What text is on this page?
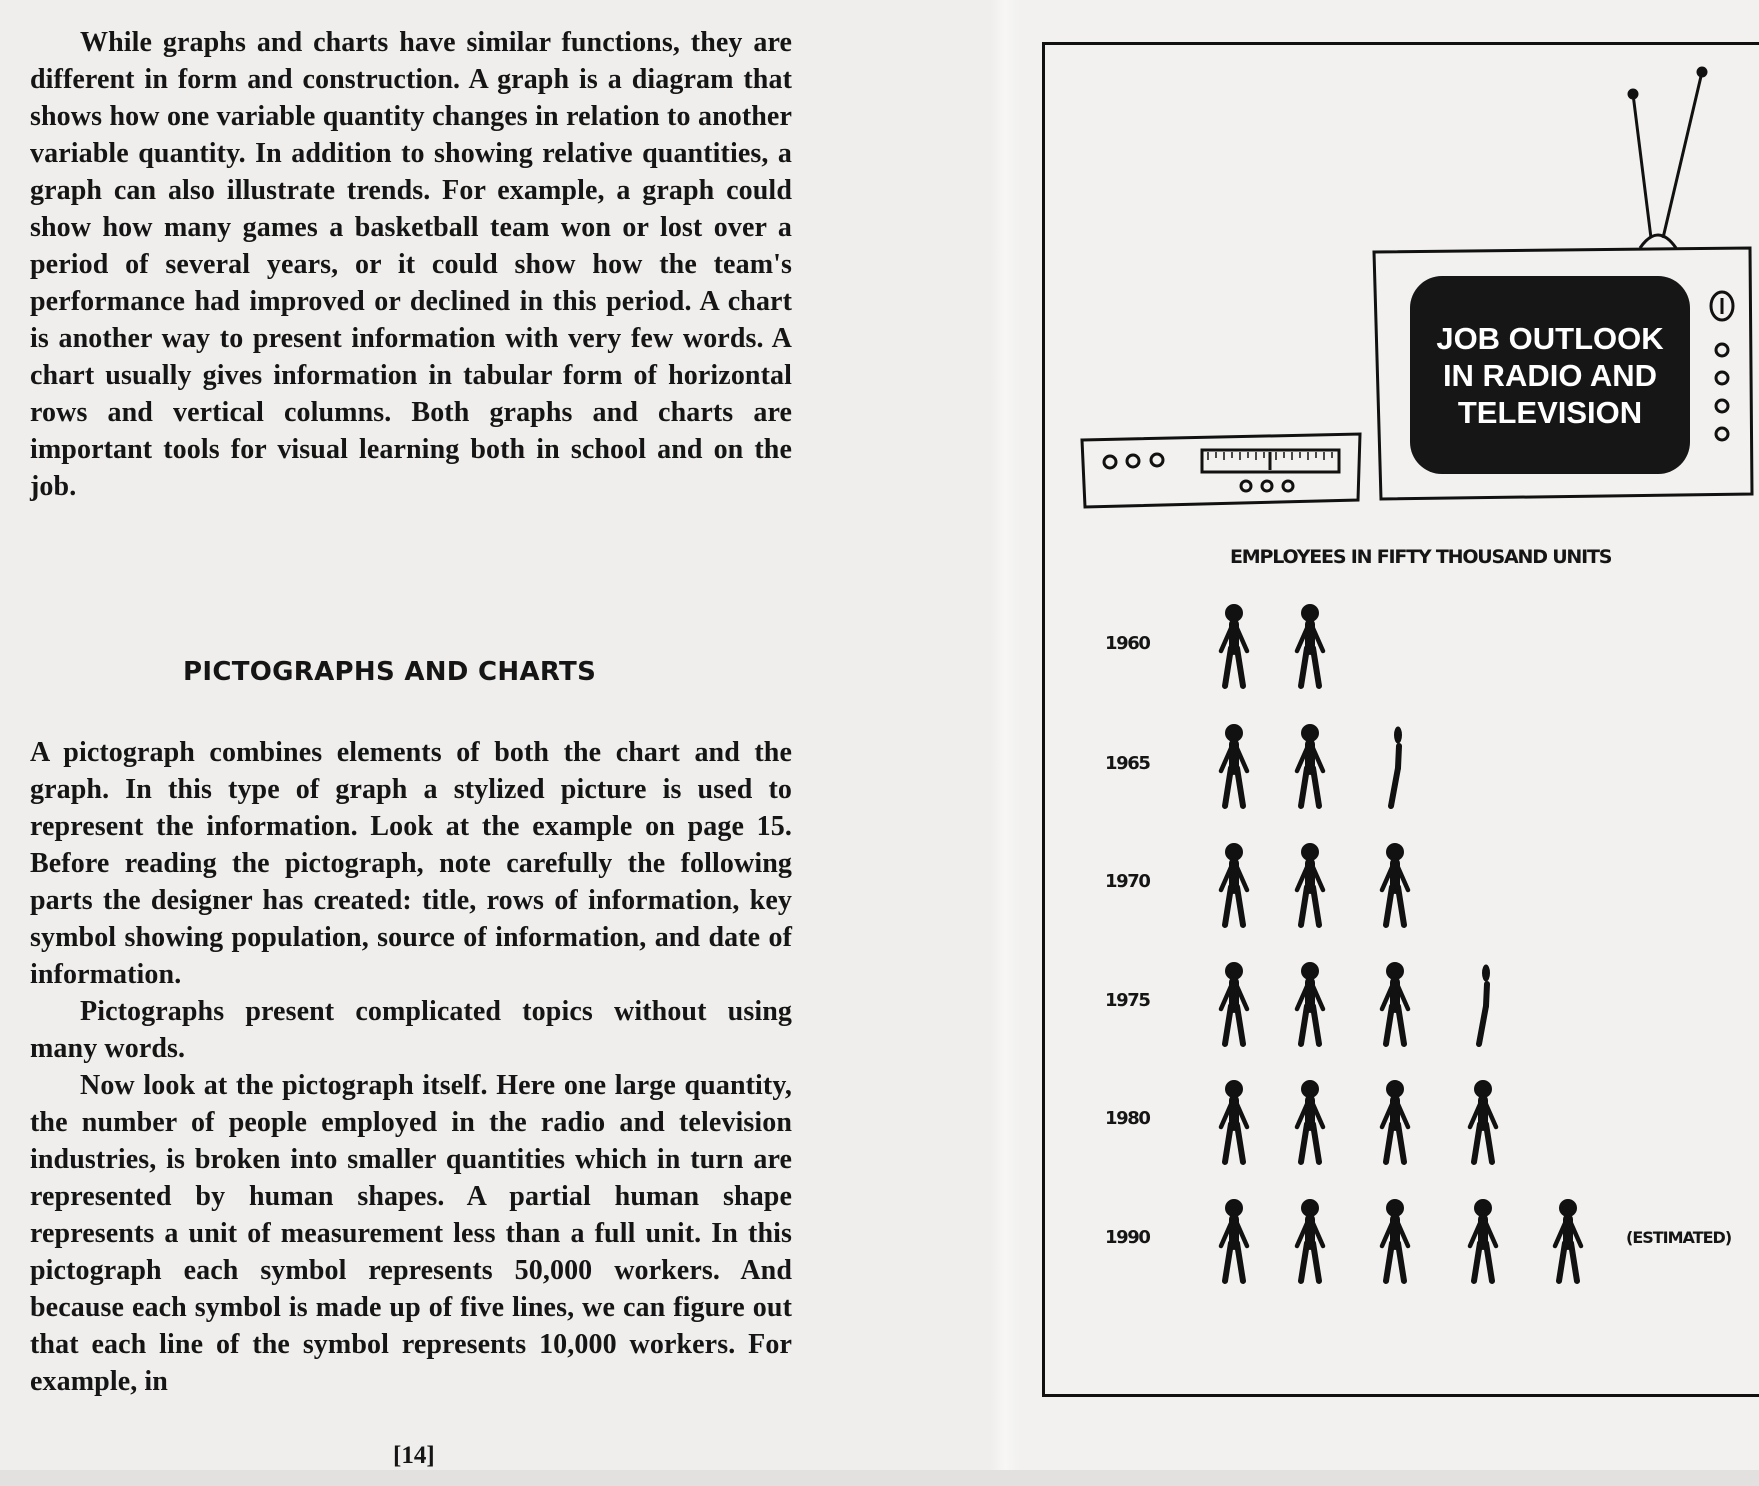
While graphs and charts have similar functions, they are different in form and construction. A graph is a diagram that shows how one variable quantity changes in relation to another variable quantity. In addition to showing relative quantities, a graph can also illustrate trends. For example, a graph could show how many games a basketball team won or lost over a period of several years, or it could show how the team's performance had improved or declined in this period. A chart is another way to present information with very few words. A chart usually gives information in tabular form of horizontal rows and vertical columns. Both graphs and charts are important tools for visual learning both in school and on the job.

PICTOGRAPHS AND CHARTS

A pictograph combines elements of both the chart and the graph. In this type of graph a stylized picture is used to represent the information. Look at the example on page 15. Before reading the pictograph, note carefully the following parts the designer has created: title, rows of information, key symbol showing population, source of information, and date of information.

Pictographs present complicated topics without using many words.

Now look at the pictograph itself. Here one large quantity, the number of people employed in the radio and television industries, is broken into smaller quantities which in turn are represented by human shapes. A partial human shape represents a unit of measurement less than a full unit. In this pictograph each symbol represents 50,000 workers. And because each symbol is made up of five lines, we can figure out that each line of the symbol represents 10,000 workers. For example, in

[14]
JOB OUTLOOK
IN RADIO AND
TELEVISION
EMPLOYEES IN FIFTY THOUSAND UNITS
1960
1965
1970
1975
1980
1990	(ESTIMATED)
